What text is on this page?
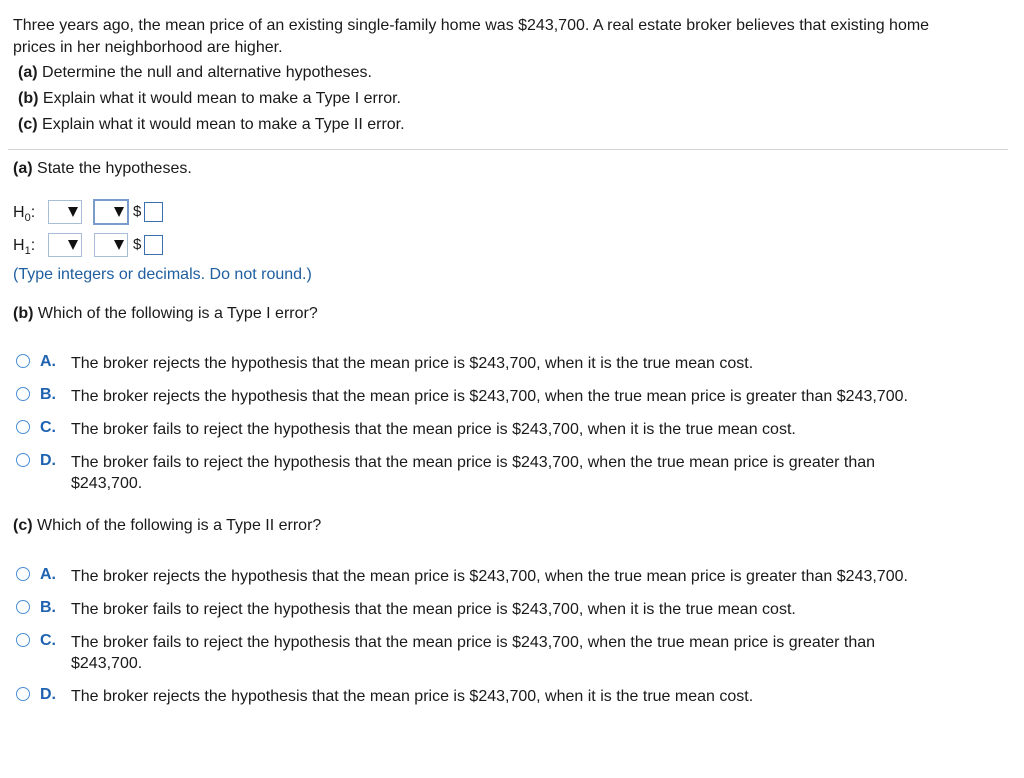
Three years ago, the mean price of an existing single-family home was $243,700. A real estate broker believes that existing home
prices in her neighborhood are higher.
(a) Determine the null and alternative hypotheses.
(b) Explain what it would mean to make a Type I error.
(c) Explain what it would mean to make a Type II error.
(a) State the hypotheses.
$H_0$:	$
$H_1$:	$
(Type integers or decimals. Do not round.)
(b) Which of the following is a Type I error?
A. The broker rejects the hypothesis that the mean price is $243,700, when it is the true mean cost.
B. The broker rejects the hypothesis that the mean price is $243,700, when the true mean price is greater than $243,700.
C. The broker fails to reject the hypothesis that the mean price is $243,700, when it is the true mean cost.
D. The broker fails to reject the hypothesis that the mean price is $243,700, when the true mean price is greater than
$243,700.
(c) Which of the following is a Type II error?
A. The broker rejects the hypothesis that the mean price is $243,700, when the true mean price is greater than $243,700.
B. The broker fails to reject the hypothesis that the mean price is $243,700, when it is the true mean cost.
C. The broker fails to reject the hypothesis that the mean price is $243,700, when the true mean price is greater than
$243,700.
D. The broker rejects the hypothesis that the mean price is $243,700, when it is the true mean cost.
